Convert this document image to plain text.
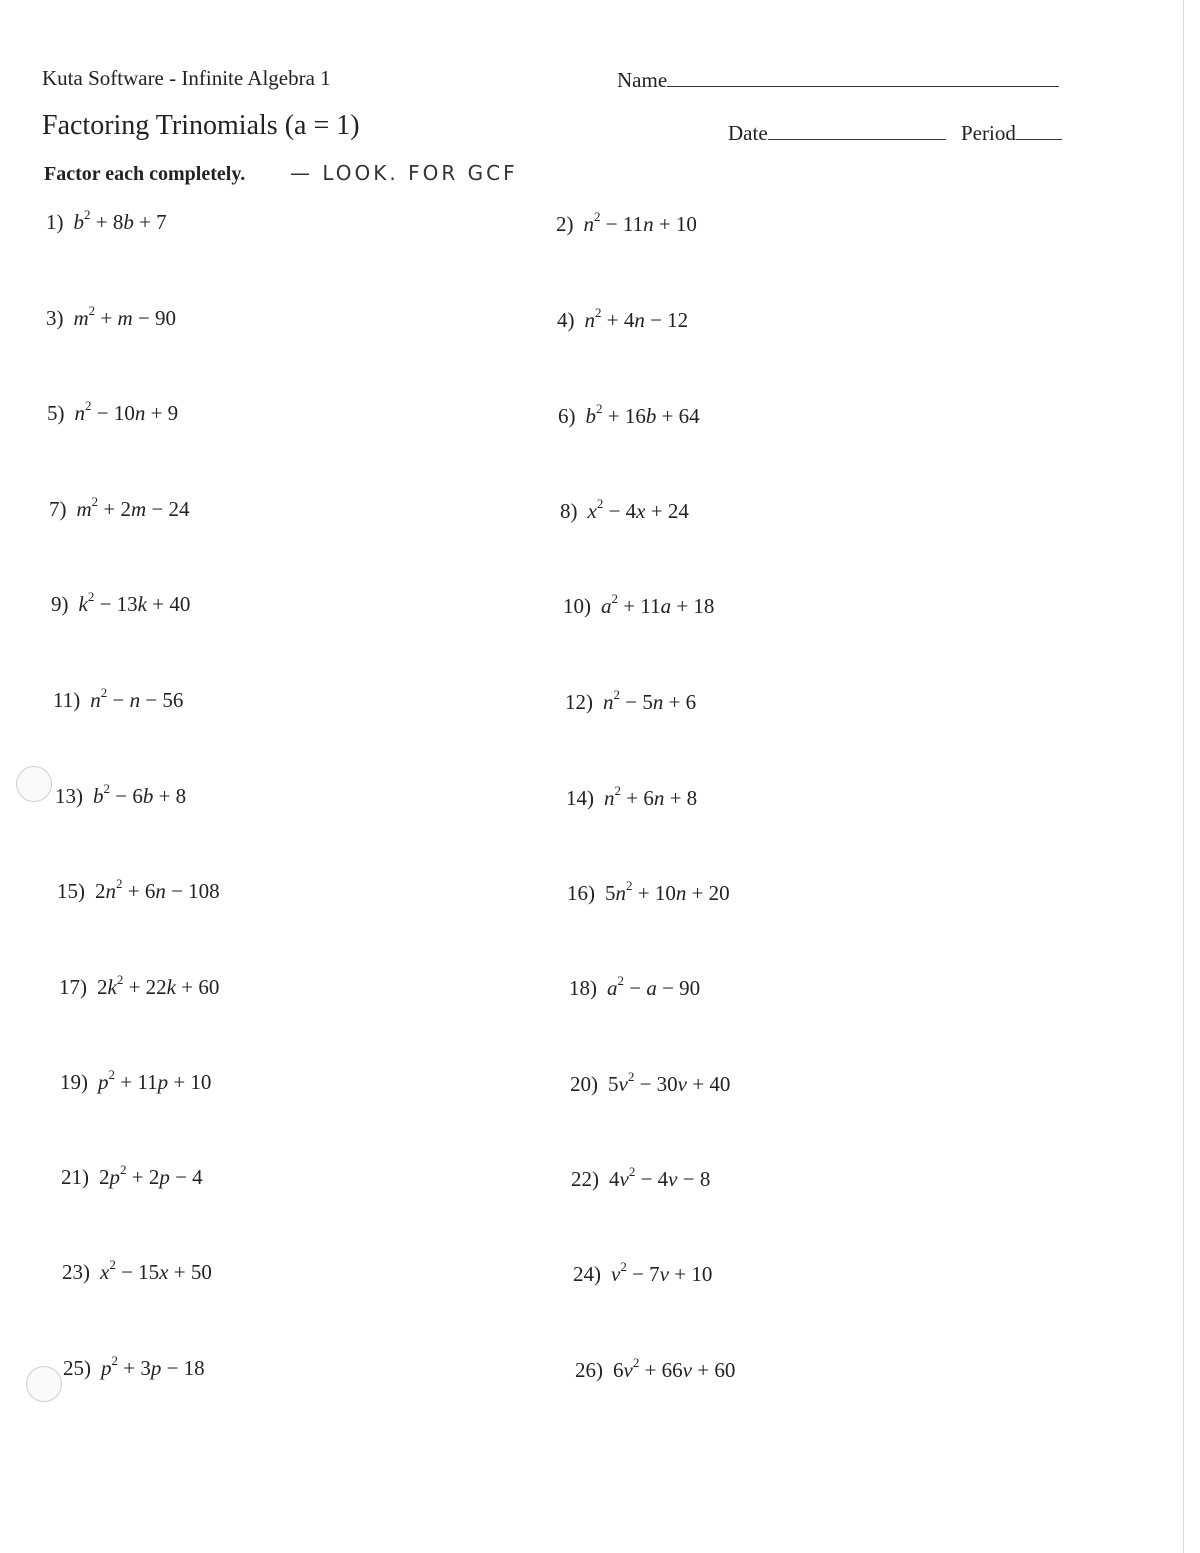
Kuta Software - Infinite Algebra 1	Name
Factoring Trinomials (a = 1)	Date	Period
Factor each completely. — LOOK. FOR GCF
1) $b^2 + 8b + 7$	2) $n^2 - 11n + 10$
3) $m^2 + m - 90$	4) $n^2 + 4n - 12$
5) $n^2 - 10n + 9$	6) $b^2 + 16b + 64$
7) $m^2 + 2m - 24$	8) $x^2 - 4x + 24$
9) $k^2 - 13k + 40$	10) $a^2 + 11a + 18$
11) $n^2 - n - 56$	12) $n^2 - 5n + 6$
13) $b^2 - 6b + 8$	14) $n^2 + 6n + 8$
15) $2n^2 + 6n - 108$	16) $5n^2 + 10n + 20$
17) $2k^2 + 22k + 60$	18) $a^2 - a - 90$
19) $p^2 + 11p + 10$	20) $5v^2 - 30v + 40$
21) $2p^2 + 2p - 4$	22) $4v^2 - 4v - 8$
23) $x^2 - 15x + 50$	24) $v^2 - 7v + 10$
25) $p^2 + 3p - 18$	26) $6v^2 + 66v + 60$
